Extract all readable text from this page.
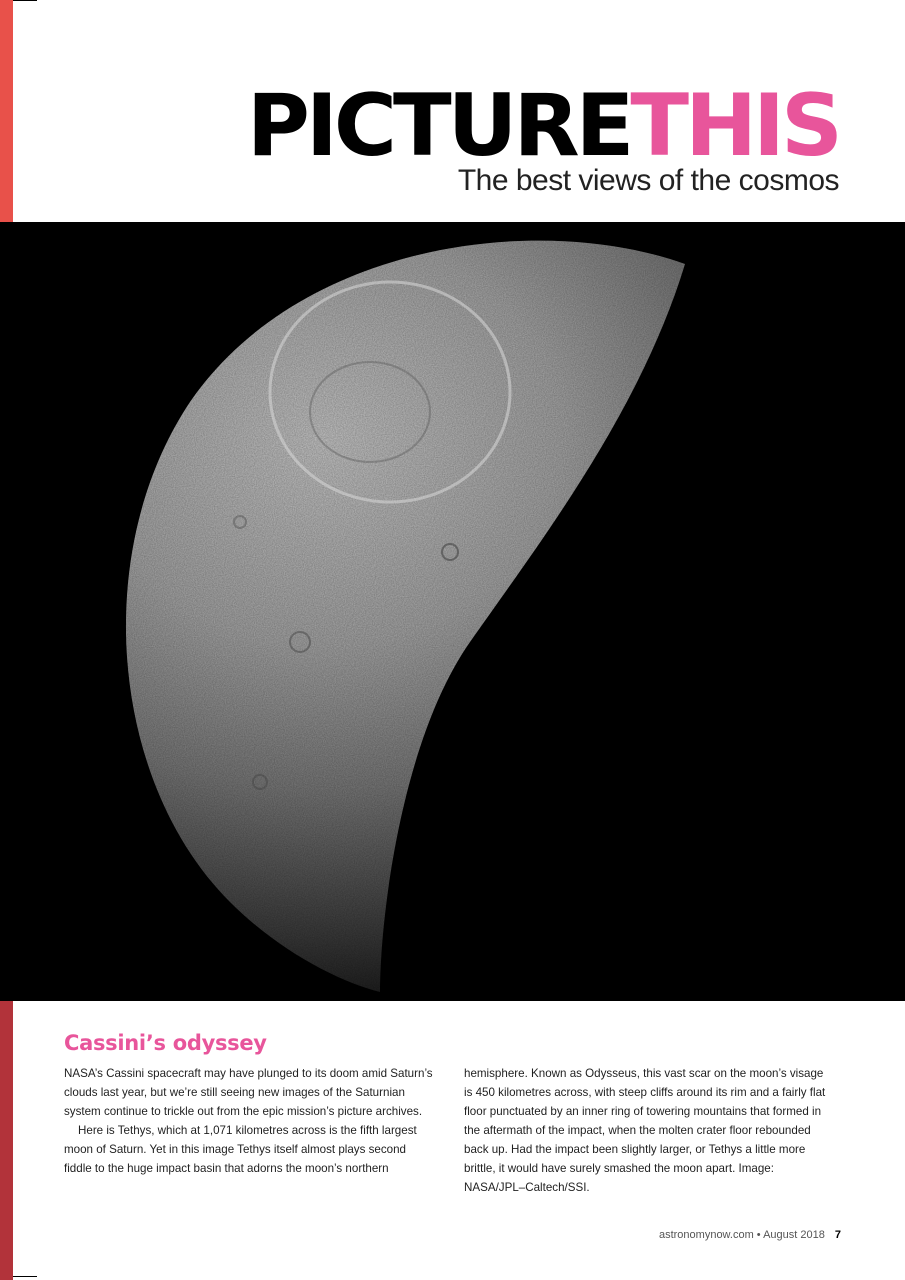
PICTURETHIS
The best views of the cosmos
Cassini’s odyssey

NASA’s Cassini spacecraft may have plunged to its doom amid Saturn’s clouds last year, but we’re still seeing new images of the Saturnian system continue to trickle out from the epic mission’s picture archives.

Here is Tethys, which at 1,071 kilometres across is the fifth largest moon of Saturn. Yet in this image Tethys itself almost plays second fiddle to the huge impact basin that adorns the moon’s northern

hemisphere. Known as Odysseus, this vast scar on the moon’s visage is 450 kilometres across, with steep cliffs around its rim and a fairly flat floor punctuated by an inner ring of towering mountains that formed in the aftermath of the impact, when the molten crater floor rebounded back up. Had the impact been slightly larger, or Tethys a little more brittle, it would have surely smashed the moon apart. Image: NASA/JPL–Caltech/SSI.

astronomynow.com • August 2018 7
